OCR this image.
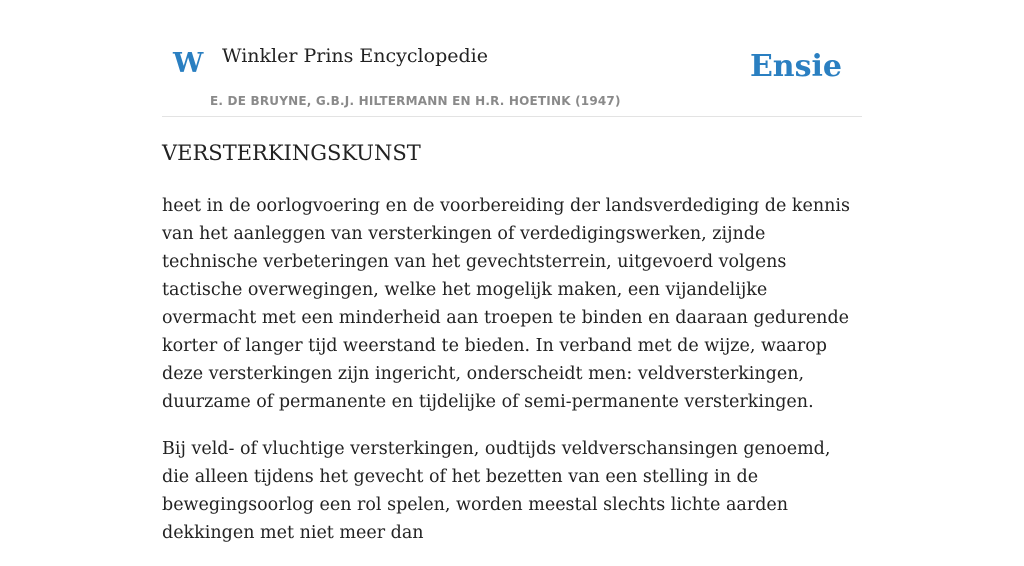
W Winkler Prins Encyclopedie
E. DE BRUYNE, G.B.J. HILTERMANN EN H.R. HOETINK (1947)
Ensie
VERSTERKINGSKUNST

heet in de oorlogvoering en de voorbereiding der landsverdediging de kennis van het aanleggen van versterkingen of verdedigingswerken, zijnde technische verbeteringen van het gevechtsterrein, uitgevoerd volgens tactische overwegingen, welke het mogelijk maken, een vijandelijke overmacht met een minderheid aan troepen te binden en daaraan gedurende korter of langer tijd weerstand te bieden. In verband met de wijze, waarop deze versterkingen zijn ingericht, onderscheidt men: veldversterkingen, duurzame of permanente en tijdelijke of semi-permanente versterkingen.

Bij veld- of vluchtige versterkingen, oudtijds veldverschansingen genoemd, die alleen tijdens het gevecht of het bezetten van een stelling in de bewegingsoorlog een rol spelen, worden meestal slechts lichte aarden dekkingen met niet meer dan
